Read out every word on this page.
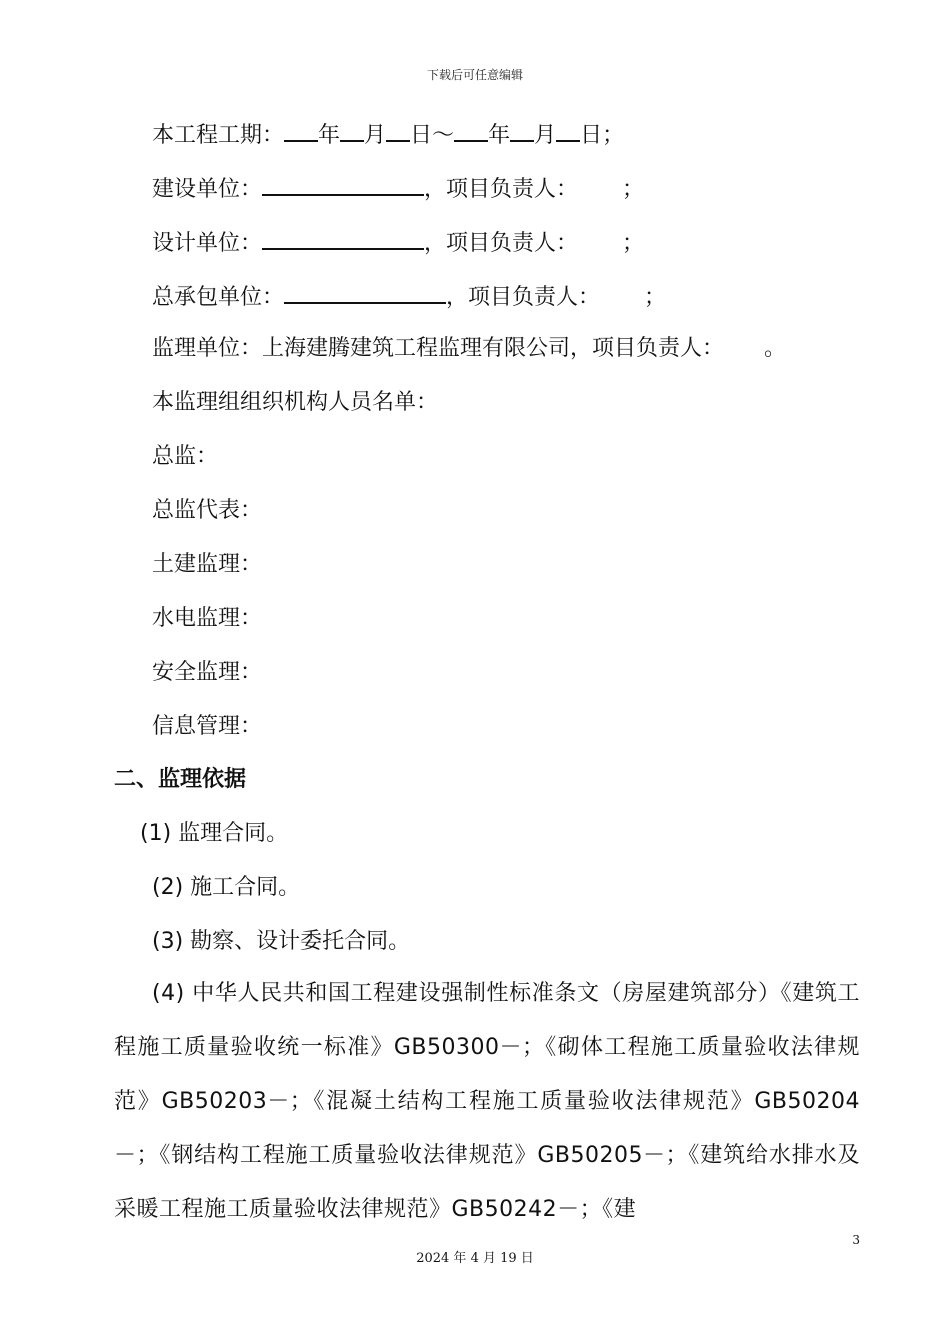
下载后可任意编辑
本工程工期： 年 月 日～ 年 月 日；
建设单位：	，项目负责人： ；
设计单位：	，项目负责人： ；
总承包单位：	，项目负责人： ；
监理单位：上海建腾建筑工程监理有限公司，项目负责人： 。
本监理组组织机构人员名单：
总监：
总监代表：
土建监理：
水电监理：
安全监理：
信息管理：
二、监理依据
(1) 监理合同。
(2) 施工合同。
(3) 勘察、设计委托合同。
(4) 中华人民共和国工程建设强制性标准条文（房屋建筑部分）《建筑工程施工质量验收统一标准》GB50300－；《砌体工程施工质量验收法律规范》GB50203－；《混凝土结构工程施工质量验收法律规范》GB50204－；《钢结构工程施工质量验收法律规范》GB50205－；《建筑给水排水及采暖工程施工质量验收法律规范》GB50242－；《建
3
2024 年 4 月 19 日
